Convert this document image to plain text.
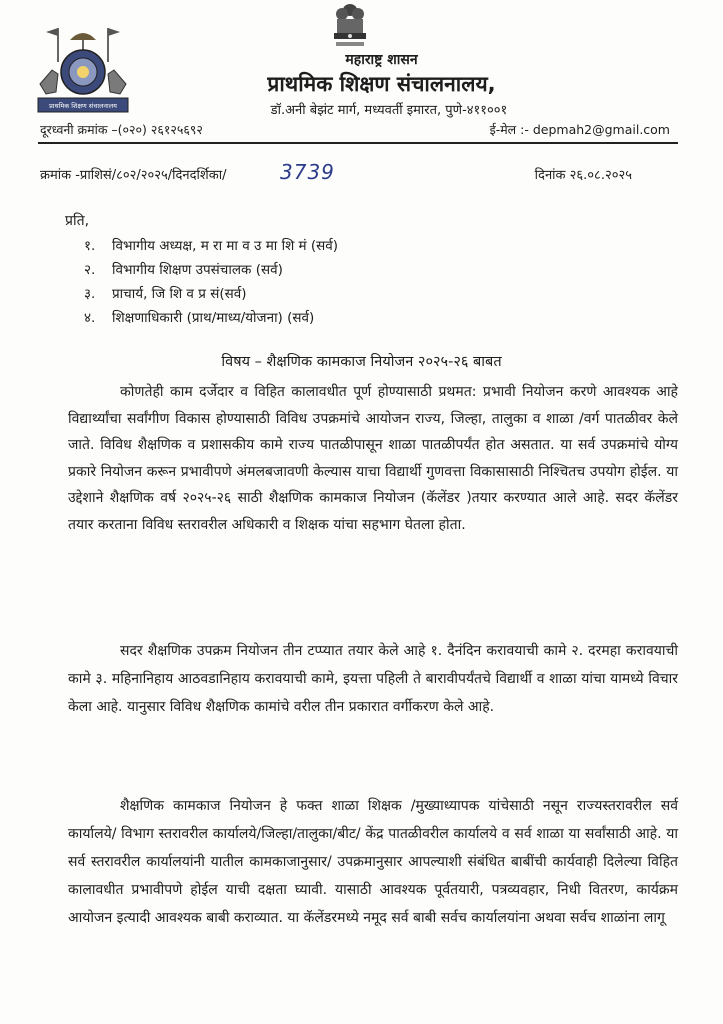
प्राथमिक शिक्षण संचालनालय
महाराष्ट्र शासन
प्राथमिक शिक्षण संचालनालय,
डॉ.अनी बेझंट मार्ग, मध्यवर्ती इमारत, पुणे-४११००१
दूरध्वनी क्रमांक –(०२०) २६१२५६९२	ई-मेल :- depmah2@gmail.com
क्रमांक -प्राशिसं/८०२/२०२५/दिनदर्शिका/	3739	दिनांक २६.०८.२०२५
प्रति,
१. विभागीय अध्यक्ष, म रा मा व उ मा शि मं (सर्व)
२. विभागीय शिक्षण उपसंचालक (सर्व)
३. प्राचार्य, जि शि व प्र सं(सर्व)
४. शिक्षणाधिकारी (प्राथ/माध्य/योजना) (सर्व)
विषय – शैक्षणिक कामकाज नियोजन २०२५-२६ बाबत

कोणतेही काम दर्जेदार व विहित कालावधीत पूर्ण होण्यासाठी प्रथमत: प्रभावी नियोजन करणे आवश्यक आहे विद्यार्थ्यांचा सर्वांगीण विकास होण्यासाठी विविध उपक्रमांचे आयोजन राज्य, जिल्हा, तालुका व शाळा /वर्ग पातळीवर केले जाते. विविध शैक्षणिक व प्रशासकीय कामे राज्य पातळीपासून शाळा पातळीपर्यंत होत असतात. या सर्व उपक्रमांचे योग्य प्रकारे नियोजन करून प्रभावीपणे अंमलबजावणी केल्यास याचा विद्यार्थी गुणवत्ता विकासासाठी निश्चितच उपयोग होईल. या उद्देशाने शैक्षणिक वर्ष २०२५-२६ साठी शैक्षणिक कामकाज नियोजन (कॅलेंडर )तयार करण्यात आले आहे. सदर कॅलेंडर तयार करताना विविध स्तरावरील अधिकारी व शिक्षक यांचा सहभाग घेतला होता.

सदर शैक्षणिक उपक्रम नियोजन तीन टप्प्यात तयार केले आहे १. दैनंदिन करावयाची कामे २. दरमहा करावयाची कामे ३. महिनानिहाय आठवडानिहाय करावयाची कामे, इयत्ता पहिली ते बारावीपर्यंतचे विद्यार्थी व शाळा यांचा यामध्ये विचार केला आहे. यानुसार विविध शैक्षणिक कामांचे वरील तीन प्रकारात वर्गीकरण केले आहे.

शैक्षणिक कामकाज नियोजन हे फक्त शाळा शिक्षक /मुख्याध्यापक यांचेसाठी नसून राज्यस्तरावरील सर्व कार्यालये/ विभाग स्तरावरील कार्यालये/जिल्हा/तालुका/बीट/ केंद्र पातळीवरील कार्यालये व सर्व शाळा या सर्वांसाठी आहे. या सर्व स्तरावरील कार्यालयांनी यातील कामकाजानुसार/ उपक्रमानुसार आपल्याशी संबंधित बाबींची कार्यवाही दिलेल्या विहित कालावधीत प्रभावीपणे होईल याची दक्षता घ्यावी. यासाठी आवश्यक पूर्वतयारी, पत्रव्यवहार, निधी वितरण, कार्यक्रम आयोजन इत्यादी आवश्यक बाबी कराव्यात. या कॅलेंडरमध्ये नमूद सर्व बाबी सर्वच कार्यालयांना अथवा सर्वच शाळांना लागू
